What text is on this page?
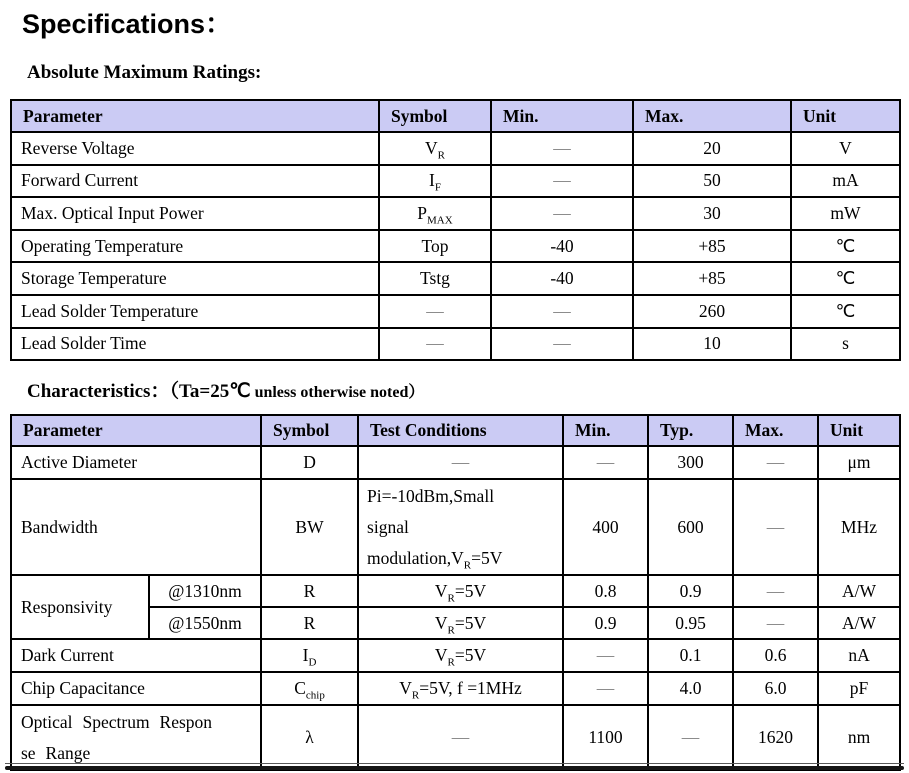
Specifications：
Absolute Maximum Ratings:
Parameter	Symbol	Min.	Max.	Unit
Reverse Voltage	$V_R$	—	20	V
Forward Current	$I_F$	—	50	mA
Max. Optical Input Power	$P_{MAX}$	—	30	mW
Operating Temperature	Top	-40	+85	℃
Storage Temperature	Tstg	-40	+85	℃
Lead Solder Temperature	—	—	260	℃
Lead Solder Time	—	—	10	s
Characteristics：（Ta=25℃ unless otherwise noted）
Parameter		Symbol	Test Conditions	Min.	Typ.	Max.	Unit
Active Diameter		D	—	—	300	—	μm
Bandwidth		BW	Pi=-10dBm,Small
signal
$modulation,V_R=5V$	400	600	—	MHz
Responsivity	@1310nm	R	$V_R=5V$	0.8	0.9	—	A/W
	@1550nm	R	$V_R=5V$	0.9	0.95	—	A/W
Dark Current		$I_D$	$V_R=5V$	—	0.1	0.6	nA
Chip Capacitance		$C_{chip}$	$V_R=5V$, f =1MHz	—	4.0	6.0	pF

Optical Spectrum Respon
se Range		λ	—	1100	—	1620	nm
